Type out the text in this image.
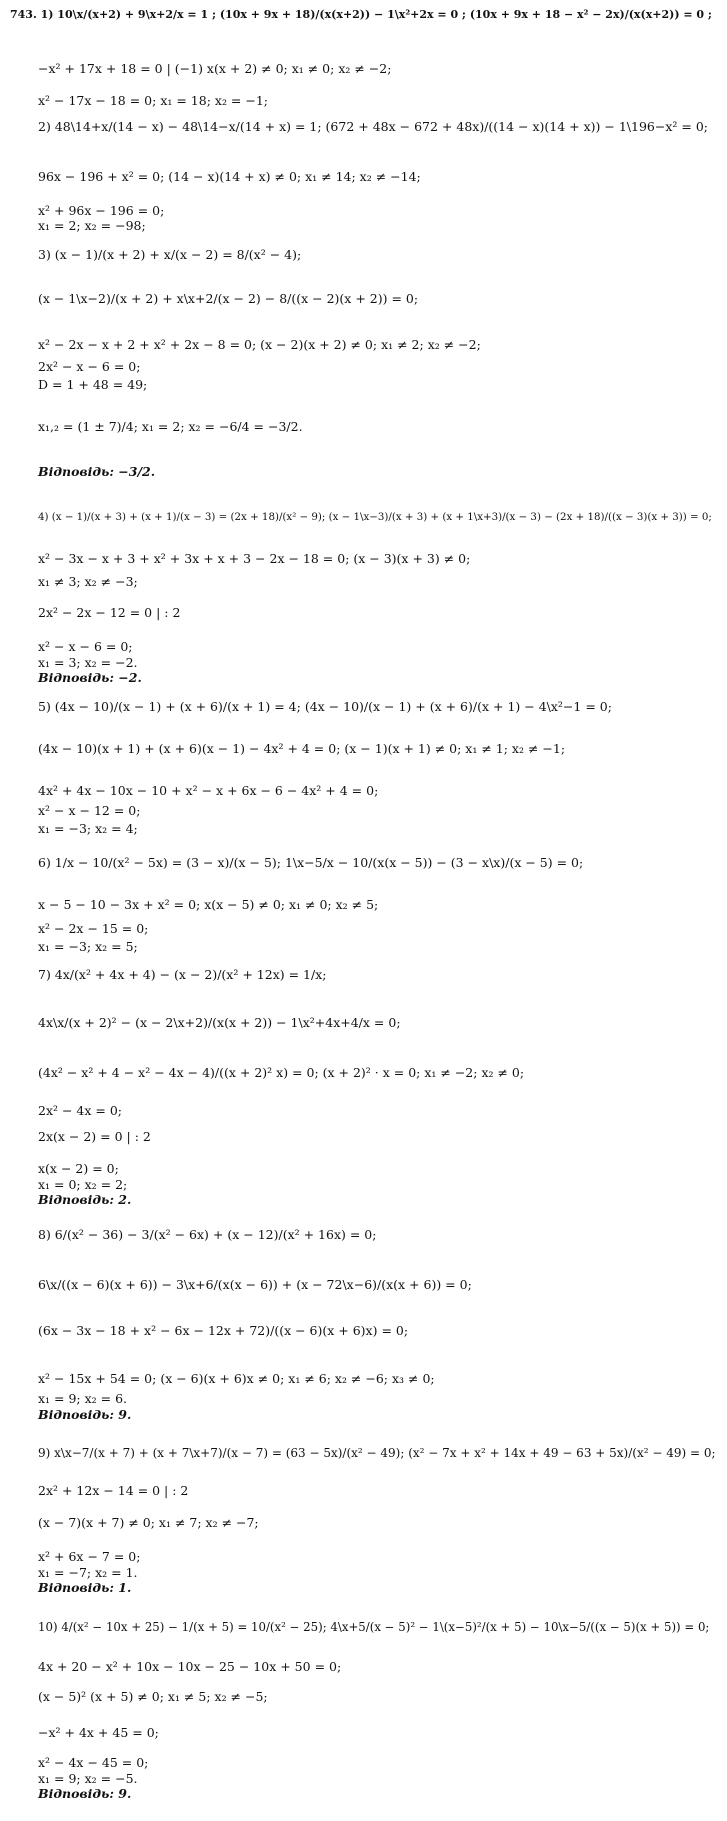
743. 1) 10\x/(x+2) + 9\x+2/x = 1 ; (10x + 9x + 18)/(x(x+2)) − 1\x²+2x = 0 ; (10x + 9x + 18 − x² − 2x)/(x(x+2)) = 0 ;
−x² + 17x + 18 = 0 | (−1) x(x + 2) ≠ 0; x₁ ≠ 0; x₂ ≠ −2;
x² − 17x − 18 = 0; x₁ = 18; x₂ = −1;
2) 48\14+x/(14 − x) − 48\14−x/(14 + x) = 1; (672 + 48x − 672 + 48x)/((14 − x)(14 + x)) − 1\196−x² = 0;
96x − 196 + x² = 0; (14 − x)(14 + x) ≠ 0; x₁ ≠ 14; x₂ ≠ −14;
x² + 96x − 196 = 0;
x₁ = 2; x₂ = −98;
3) (x − 1)/(x + 2) + x/(x − 2) = 8/(x² − 4);
(x − 1\x−2)/(x + 2) + x\x+2/(x − 2) − 8/((x − 2)(x + 2)) = 0;
x² − 2x − x + 2 + x² + 2x − 8 = 0; (x − 2)(x + 2) ≠ 0; x₁ ≠ 2; x₂ ≠ −2;
2x² − x − 6 = 0;
D = 1 + 48 = 49;
x₁,₂ = (1 ± 7)/4; x₁ = 2; x₂ = −6/4 = −3/2.
Відповідь: −3/2.
4) (x − 1)/(x + 3) + (x + 1)/(x − 3) = (2x + 18)/(x² − 9); (x − 1\x−3)/(x + 3) + (x + 1\x+3)/(x − 3) − (2x + 18)/((x − 3)(x + 3)) = 0;
x² − 3x − x + 3 + x² + 3x + x + 3 − 2x − 18 = 0; (x − 3)(x + 3) ≠ 0;
x₁ ≠ 3; x₂ ≠ −3;
2x² − 2x − 12 = 0 | : 2
x² − x − 6 = 0;
x₁ = 3; x₂ = −2.
Відповідь: −2.
5) (4x − 10)/(x − 1) + (x + 6)/(x + 1) = 4; (4x − 10)/(x − 1) + (x + 6)/(x + 1) − 4\x²−1 = 0;
(4x − 10)(x + 1) + (x + 6)(x − 1) − 4x² + 4 = 0; (x − 1)(x + 1) ≠ 0; x₁ ≠ 1; x₂ ≠ −1;
4x² + 4x − 10x − 10 + x² − x + 6x − 6 − 4x² + 4 = 0;
x² − x − 12 = 0;
x₁ = −3; x₂ = 4;
6) 1/x − 10/(x² − 5x) = (3 − x)/(x − 5); 1\x−5/x − 10/(x(x − 5)) − (3 − x\x)/(x − 5) = 0;
x − 5 − 10 − 3x + x² = 0; x(x − 5) ≠ 0; x₁ ≠ 0; x₂ ≠ 5;
x² − 2x − 15 = 0;
x₁ = −3; x₂ = 5;
7) 4x/(x² + 4x + 4) − (x − 2)/(x² + 12x) = 1/x;
4x\x/(x + 2)² − (x − 2\x+2)/(x(x + 2)) − 1\x²+4x+4/x = 0;
(4x² − x² + 4 − x² − 4x − 4)/((x + 2)² x) = 0; (x + 2)² · x = 0; x₁ ≠ −2; x₂ ≠ 0;
2x² − 4x = 0;
2x(x − 2) = 0 | : 2
x(x − 2) = 0;
x₁ = 0; x₂ = 2;
Відповідь: 2.
8) 6/(x² − 36) − 3/(x² − 6x) + (x − 12)/(x² + 16x) = 0;
6\x/((x − 6)(x + 6)) − 3\x+6/(x(x − 6)) + (x − 72\x−6)/(x(x + 6)) = 0;
(6x − 3x − 18 + x² − 6x − 12x + 72)/((x − 6)(x + 6)x) = 0;
x² − 15x + 54 = 0; (x − 6)(x + 6)x ≠ 0; x₁ ≠ 6; x₂ ≠ −6; x₃ ≠ 0;
x₁ = 9; x₂ = 6.
Відповідь: 9.
9) x\x−7/(x + 7) + (x + 7\x+7)/(x − 7) = (63 − 5x)/(x² − 49); (x² − 7x + x² + 14x + 49 − 63 + 5x)/(x² − 49) = 0;
2x² + 12x − 14 = 0 | : 2
(x − 7)(x + 7) ≠ 0; x₁ ≠ 7; x₂ ≠ −7;
x² + 6x − 7 = 0;
x₁ = −7; x₂ = 1.
Відповідь: 1.
10) 4/(x² − 10x + 25) − 1/(x + 5) = 10/(x² − 25); 4\x+5/(x − 5)² − 1\(x−5)²/(x + 5) − 10\x−5/((x − 5)(x + 5)) = 0;
4x + 20 − x² + 10x − 10x − 25 − 10x + 50 = 0;
(x − 5)² (x + 5) ≠ 0; x₁ ≠ 5; x₂ ≠ −5;
−x² + 4x + 45 = 0;
x² − 4x − 45 = 0;
x₁ = 9; x₂ = −5.
Відповідь: 9.
